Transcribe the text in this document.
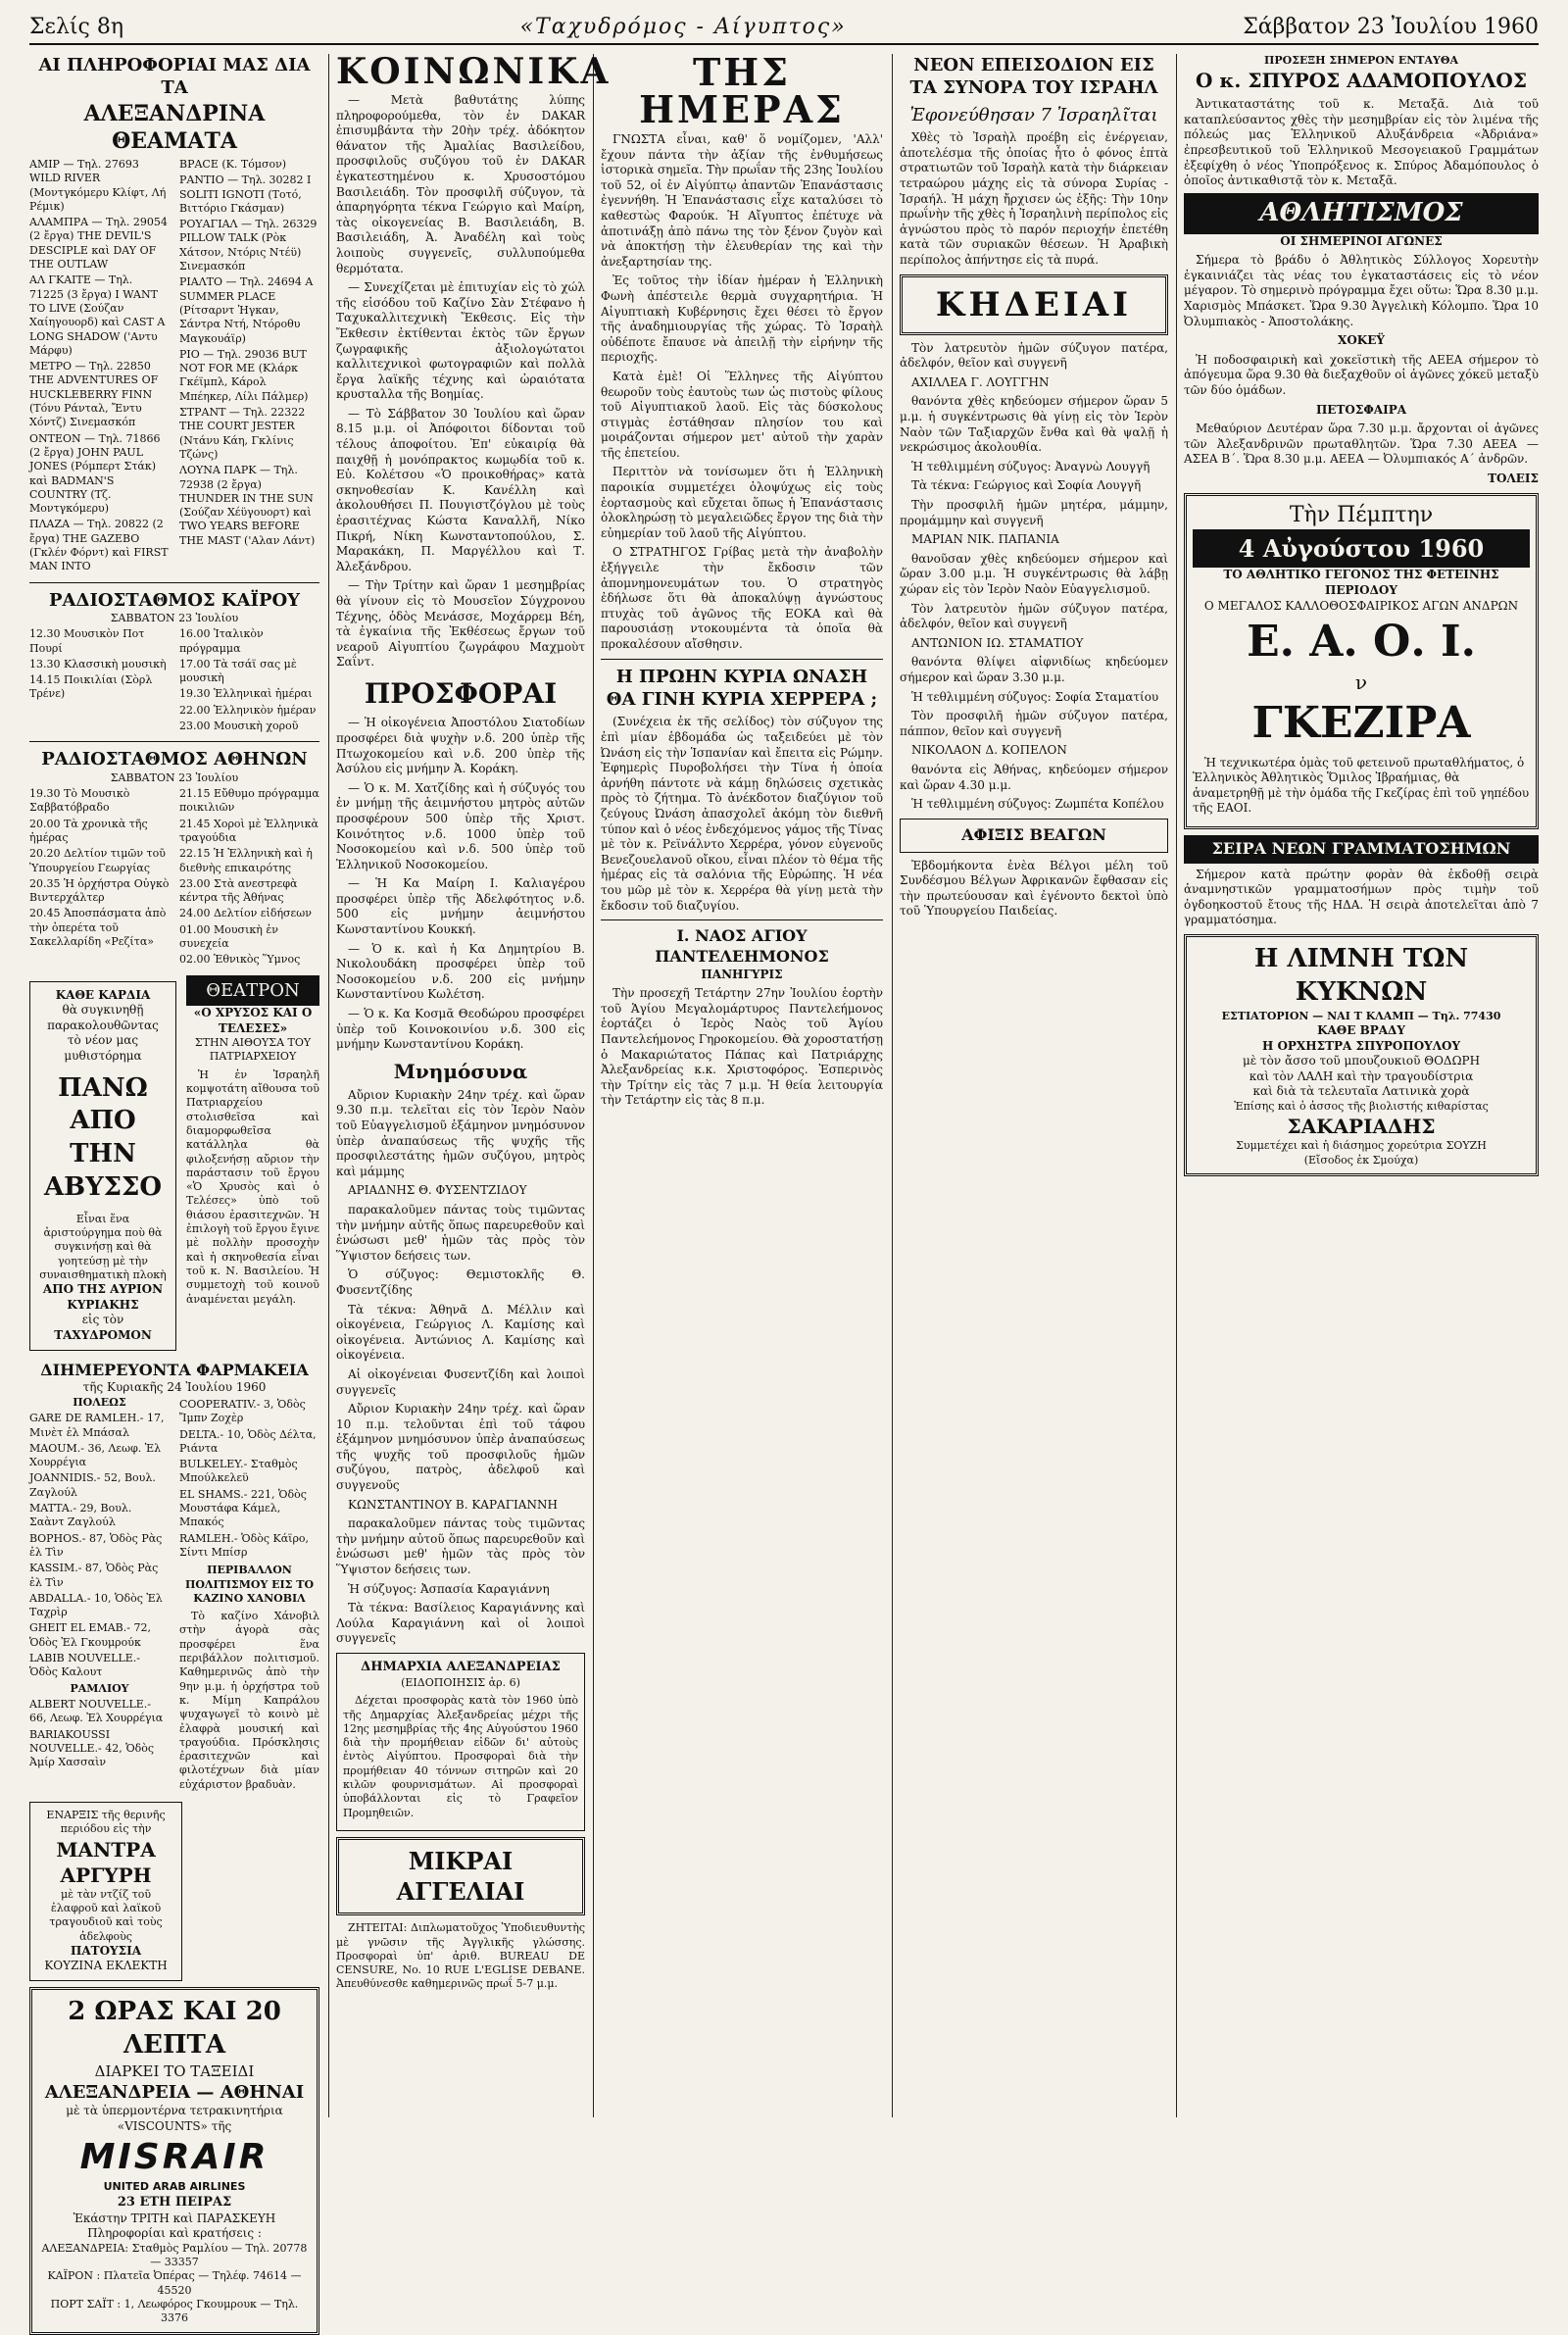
Σελίς 8η	«Ταχυδρόμος - Αίγυπτος»	Σάββατον 23 Ἰουλίου 1960
ΑΙ ΠΛΗΡΟΦΟΡΙΑΙ ΜΑΣ ΔΙΑ ΤΑ
ΑΛΕΞΑΝΔΡΙΝΑ ΘΕΑΜΑΤΑ
ΑΜΙΡ — Τηλ. 27693 WILD RIVER (Μοντγκόμερυ Κλίφτ, Λή Ρέμικ)
ΑΛΑΜΠΡΑ — Τηλ. 29054 (2 ἔργα) THE DEVIL'S DESCIPLE καὶ DAY OF THE OUTLAW
ΑΛ ΓΚΑΙΤΕ — Τηλ. 71225 (3 ἔργα) I WANT TO LIVE (Σούζαν Χαίηγουορδ) καὶ CAST A LONG SHADOW ('Αντυ Μάρφυ)
ΜΕΤΡΟ — Τηλ. 22850 THE ADVENTURES OF HUCKLEBERRY FINN (Τόνυ Ράνταλ, Ἔντυ Χόντζ) Σινεμασκόπ
ΟΝΤΕΟΝ — Τηλ. 71866 (2 ἔργα) JOHN PAUL JONES (Ρόμπερτ Στάκ) καὶ BADMAN'S COUNTRY (Τζ. Μοντγκόμερυ)
ΠΛΑΖΑ — Τηλ. 20822 (2 ἔργα) THE GAZEBO (Γκλέν Φόρντ) καὶ FIRST MAN INTO
ΒΡΑCΕ (Κ. Τόμσον)
ΡΑΝΤΙΟ — Τηλ. 30282 I SOLITI IGNOTI (Τοτό, Βιττόριο Γκάσμαν)
ΡΟΥΑΓΙΑΛ — Τηλ. 26329 PILLOW TALK (Ρὸκ Χάτσον, Ντόρις Ντέϋ) Σινεμασκόπ
ΡΙΑΛΤΟ — Τηλ. 24694 A SUMMER PLACE (Ρίτσαρντ Ἠγκαν, Σάντρα Ντή, Ντόροθυ Μαγκουάϊρ)
ΡΙΟ — Τηλ. 29036 BUT NOT FOR ME (Κλάρκ Γκέϊμπλ, Κάρολ Μπέηκερ, Λίλι Πάλμερ)
ΣΤΡΑΝΤ — Τηλ. 22322 THE COURT JESTER (Ντάνυ Κάη, Γκλίνις Τζώνς)
ΛΟΥΝΑ ΠΑΡΚ — Τηλ. 72938 (2 ἔργα) THUNDER IN THE SUN (Σούζαν Χέϋγουορτ) καὶ TWO YEARS BEFORE THE MAST ('Αλαν Λάντ)
ΡΑΔΙΟΣΤΑΘΜΟΣ ΚΑΪΡΟΥ
ΣΑΒΒΑΤΟΝ 23 Ἰουλίου
12.30 Μουσικὸν Ποτ Πουρί
13.30 Κλασσικὴ μουσικὴ
14.15 Ποικιλίαι (Σὸρλ Τρένε)
16.00 Ἰταλικὸν πρόγραμμα
17.00 Τὰ τσάϊ σας μὲ μουσικὴ
19.30 Ἑλληνικαὶ ἡμέραι
22.00 Ἑλληνικὸν ἡμέραν
23.00 Μουσικὴ χοροῦ
ΡΑΔΙΟΣΤΑΘΜΟΣ ΑΘΗΝΩΝ
ΣΑΒΒΑΤΟΝ 23 Ἰουλίου
19.30 Τὸ Μουσικὸ Σαββατόβραδο
20.00 Τὰ χρονικὰ τῆς ἡμέρας
20.20 Δελτίον τιμῶν τοῦ Ὑπουργείου Γεωργίας
20.35 Ἡ ὀρχήστρα Οὐγκὸ Βιντερχάλτερ
20.45 Ἀποσπάσματα ἀπὸ τὴν ὀπερέτα τοῦ Σακελλαρίδη «Ρεζίτα»
21.15 Εὔθυμο πρόγραμμα ποικιλιῶν
21.45 Χοροὶ μὲ Ἑλληνικὰ τραγούδια
22.15 Ἡ Ἑλληνικὴ καὶ ἡ διεθνὴς επικαιρότης
23.00 Στὰ ανεστρεφὰ κέντρα τῆς Ἀθήνας
24.00 Δελτίον εἰδήσεων
01.00 Μουσικὴ ἐν συνεχεία
02.00 Ἐθνικὸς Ὕμνος
ΚΑΘΕ ΚΑΡΔΙΑ
θὰ συγκινηθῇ παρακολουθῶντας
τὸ νέον μας μυθιστόρημα
ΠΑΝΩ ΑΠΟ ΤΗΝ ΑΒΥΣΣΟ
Εἶναι ἕνα ἀριστούργημα ποὺ θὰ συγκινήσῃ καὶ θὰ γοητεύσῃ μὲ τὴν συναισθηματικὴ πλοκὴ
ΑΠΟ ΤΗΣ ΑΥΡΙΟΝ ΚΥΡΙΑΚΗΣ
εἰς τὸν
ΤΑΧΥΔΡΟΜΟΝ
ΘΕΑΤΡΟΝ
«Ο ΧΡΥΣΟΣ ΚΑΙ Ο ΤΕΛΕΣΕΣ»
ΣΤΗΝ ΑΙΘΟΥΣΑ ΤΟΥ ΠΑΤΡΙΑΡΧΕΙΟΥ
Ἡ ἐν Ἰσραηλῆ κομψοτάτη αἴθουσα τοῦ Πατριαρχείου στολισθεῖσα καὶ διαμορφωθεῖσα κατάλληλα θὰ φιλοξενήσῃ αὔριον τὴν παράστασιν τοῦ ἔργου «Ὁ Χρυσὸς καὶ ὁ Τελέσες» ὑπὸ τοῦ θιάσου ἐρασιτεχνῶν. Ἡ ἐπιλογὴ τοῦ ἔργου ἔγινε μὲ πολλὴν προσοχὴν καὶ ἡ σκηνοθεσία εἶναι τοῦ κ. Ν. Βασιλείου. Ἡ συμμετοχὴ τοῦ κοινοῦ ἀναμένεται μεγάλη.
ΔΙΗΜΕΡΕΥΟΝΤΑ ΦΑΡΜΑΚΕΙΑ
τῆς Κυριακῆς 24 Ἰουλίου 1960
ΠΟΛΕΩΣ
GARE DE RAMLEH.- 17, Μινὲτ ἐλ Μπάσαλ
ΜΑΟUM.- 36, Λεωφ. Ἐλ Χουρρέγια
JOANNIDIS.- 52, Βουλ. Ζαγλούλ
MATTA.- 29, Βουλ. Σαὰντ Ζαγλούλ
ΒΟΡΗΟS.- 87, Ὁδὸς Ρὰς ἐλ Τὶν
KASSIM.- 87, Ὁδὸς Ρὰς ἐλ Τὶν
ABDALLA.- 10, Ὁδὸς Ἐλ Ταχρὶρ
GHEIT EL EMAB.- 72, Ὁδὸς Ἐλ Γκουμρούκ
LABIB NOUVELLE.- Ὁδὸς Καλουτ
ΡΑΜΛΙΟΥ
ALBERT NOUVELLE.- 66, Λεωφ. Ἐλ Χουρρέγια
BARIAKOUSSI NOUVELLE.- 42, Ὁδὸς Ἀμίρ Χασσαὶν
COOPERATIV.- 3, Ὁδὸς Ἴμπν Ζοχὲρ
DELTA.- 10, Ὁδὸς Δέλτα, Ριάντα
BULKELEY.- Σταθμὸς Μπούλκελεϋ
EL SHAMS.- 221, Ὁδὸς Μουστάφα Κάμελ, Μπακός
RAMLEH.- Ὁδὸς Κάϊρο, Σίντι Μπίσρ
ΠΕΡΙΒΑΛΛΟΝ ΠΟΛΙΤΙΣΜΟΥ ΕΙΣ ΤΟ ΚΑΖΙΝΟ ΧΑΝΟΒΙΛ
Τὸ καζίνο Χάνοβιλ στὴν ἀγορὰ σὰς προσφέρει ἕνα περιβάλλον πολιτισμοῦ. Καθημερινῶς ἀπὸ τὴν 9ην μ.μ. ἡ ὀρχήστρα τοῦ κ. Μίμη Καπράλου ψυχαγωγεῖ τὸ κοινὸ μὲ ἐλαφρὰ μουσική καὶ τραγούδια. Πρόσκλησις ἐρασιτεχνῶν καὶ φιλοτέχνων διὰ μίαν εὐχάριστον βραδυὰν.
ΕΝΑΡΞΙΣ τῆς θερινῆς περιόδου εἰς τὴν
ΜΑΝΤΡΑ ΑΡΓΥΡΗ
μὲ τὰν ντζίζ τοῦ ἐλαφροῦ καὶ λαϊκοῦ τραγουδιοῦ καὶ τοὺς ἀδελφοὺς
ΠΑΤΟΥΣΙΑ
ΚΟΥΖΙΝΑ ΕΚΛΕΚΤΗ
2 ΩΡΑΣ ΚΑΙ 20 ΛΕΠΤΑ
ΔΙΑΡΚΕΙ ΤΟ ΤΑΞΕΙΔΙ
ΑΛΕΞΑΝΔΡΕΙΑ — ΑΘΗΝΑΙ
μὲ τὰ ὑπερμοντέρνα τετρακινητήρια «VISCOUNTS» τῆς
MISRAIR
UNITED ARAB AIRLINES
23 ΕΤΗ ΠΕΙΡΑΣ
Ἑκάστην ΤΡΙΤΗ καὶ ΠΑΡΑΣΚΕΥΗ
Πληροφορίαι καὶ κρατήσεις :
ΑΛΕΞΑΝΔΡΕΙΑ: Σταθμὸς Ραμλίου — Τηλ. 20778 — 33357
ΚΑΪΡΟΝ : Πλατεῖα Ὀπέρας — Τηλέφ. 74614 — 45520
ΠΟΡΤ ΣΑΪΤ : 1, Λεωφόρος Γκουμρουκ — Τηλ. 3376
ΚΟΙΝΩΝΙΚΑ
— Μετὰ βαθυτάτης λύπης πληροφορούμεθα, τὸν ἐν DAKAR ἐπισυμβάντα τὴν 20ὴν τρέχ. ἀδόκητον θάνατον τῆς Ἀμαλίας Βασιλείδου, προσφιλοῦς συζύγου τοῦ ἐν DAKAR ἐγκατεστημένου κ. Χρυσοστόμου Βασιλειάδη. Τὸν προσφιλῆ σύζυγον, τὰ ἀπαρηγόρητα τέκνα Γεώργιο καὶ Μαίρη, τὰς οἰκογενείας Β. Βασιλειάδη, Β. Βασιλειάδη, Ἀ. Ἀναδέλη καὶ τοὺς λοιποὺς συγγενεῖς, συλλυπούμεθα θερμότατα.
— Συνεχίζεται μὲ ἐπιτυχίαν εἰς τὸ χώλ τῆς εἰσόδου τοῦ Καζίνο Σὰν Στέφανο ἡ Ταχυκαλλιτεχνικὴ Ἔκθεσις. Εἰς τὴν Ἔκθεσιν ἐκτίθενται ἐκτὸς τῶν ἔργων ζωγραφικῆς ἀξιολογώτατοι καλλιτεχνικοὶ φωτογραφιῶν καὶ πολλὰ ἔργα λαϊκῆς τέχνης καὶ ὡραιότατα κρυσταλλα τῆς Βοημίας.
— Τὸ Σάββατον 30 Ἰουλίου καὶ ὥραν 8.15 μ.μ. οἱ Ἀπόφοιτοι δίδονται τοῦ τέλους ἀποφοίτου. Ἐπ' εὐκαιρίᾳ θὰ παιχθῇ ἡ μονόπρακτος κωμῳδία τοῦ κ. Εὐ. Κολέτσου «Ὁ προικοθήρας» κατὰ σκηνοθεσίαν Κ. Κανέλλη καὶ ἀκολουθήσει Π. Πουγιστζόγλου μὲ τοὺς ἐρασιτέχνας Κώστα Καναλλῆ, Νίκο Πικρή, Νίκη Κωνσταντοπούλου, Σ. Μαρακάκη, Π. Μαργέλλου καὶ Τ. Ἀλεξάνδρου.
— Τὴν Τρίτην καὶ ὥραν 1 μεσημβρίας θὰ γίνουν εἰς τὸ Μουσεῖον Σύγχρονου Τέχνης, ὁδὸς Μενάσσε, Μοχάρρεμ Βέη, τὰ ἐγκαίνια τῆς Ἐκθέσεως ἔργων τοῦ νεαροῦ Αἰγυπτίου ζωγράφου Μαχμοὺτ Σαΐντ.
ΠΡΟΣΦΟΡΑΙ
— Ἡ οἰκογένεια Ἀποστόλου Σιατοδίων προσφέρει διὰ ψυχὴν ν.δ. 200 ὑπὲρ τῆς Πτωχοκομείου καὶ ν.δ. 200 ὑπὲρ τῆς Ἀσύλου εἰς μνήμην Ἀ. Κοράκη.
— Ὁ κ. Μ. Χατζίδης καὶ ἡ σύζυγός του ἐν μνήμῃ τῆς ἀειμνήστου μητρὸς αὐτῶν προσφέρουν 500 ὑπὲρ τῆς Χριστ. Κοινότητος ν.δ. 1000 ὑπὲρ τοῦ Νοσοκομείου καὶ ν.δ. 500 ὑπὲρ τοῦ Ἑλληνικοῦ Νοσοκομείου.
— Ἡ Κα Μαίρη Ι. Καλιαγέρου προσφέρει ὑπὲρ τῆς Ἀδελφότητος ν.δ. 500 εἰς μνήμην ἀειμνήστου Κωνσταντίνου Κουκκή.
— Ὁ κ. καὶ ἡ Κα Δημητρίου Β. Νικολουδάκη προσφέρει ὑπὲρ τοῦ Νοσοκομείου ν.δ. 200 εἰς μνήμην Κωνσταντίνου Κωλέτση.
— Ὁ κ. Κα Κοσμᾶ Θεοδώρου προσφέρει ὑπὲρ τοῦ Κοινοκοινίου ν.δ. 300 εἰς μνήμην Κωνσταντίνου Κοράκη.
Μνημόσυνα
Αὔριον Κυριακὴν 24ην τρέχ. καὶ ὥραν 9.30 π.μ. τελεῖται εἰς τὸν Ἱερὸν Ναὸν τοῦ Εὐαγγελισμοῦ ἑξάμηνον μνημόσυνον ὑπὲρ ἀναπαύσεως τῆς ψυχῆς τῆς προσφιλεστάτης ἡμῶν συζύγου, μητρὸς καὶ μάμμης
ΑΡΙΑΔΝΗΣ Θ. ΦΥΣΕΝΤΖΙΔΟΥ
παρακαλοῦμεν πάντας τοὺς τιμῶντας τὴν μνήμην αὐτῆς ὅπως παρευρεθοῦν καὶ ἑνώσωσι μεθ' ἡμῶν τὰς πρὸς τὸν Ὕψιστον δεήσεις των.
Ὁ σύζυγος: Θεμιστοκλῆς Θ. Φυσεντζίδης
Τὰ τέκνα: Ἀθηνᾶ Δ. Μέλλιν καὶ οἰκογένεια, Γεώργιος Λ. Καμίσης καὶ οἰκογένεια. Ἀντώνιος Λ. Καμίσης καὶ οἰκογένεια.
Αἱ οἰκογένειαι Φυσεντζίδη καὶ λοιποὶ συγγενεῖς
Αὔριον Κυριακὴν 24ην τρέχ. καὶ ὥραν 10 π.μ. τελοῦνται ἐπὶ τοῦ τάφου ἐξάμηνον μνημόσυνον ὑπὲρ ἀναπαύσεως τῆς ψυχῆς τοῦ προσφιλοῦς ἡμῶν συζύγου, πατρὸς, ἀδελφοῦ καὶ συγγενοῦς
ΚΩΝΣΤΑΝΤΙΝΟΥ Β. ΚΑΡΑΓΙΑΝΝΗ
παρακαλοῦμεν πάντας τοὺς τιμῶντας τὴν μνήμην αὐτοῦ ὅπως παρευρεθοῦν καὶ ἑνώσωσι μεθ' ἡμῶν τὰς πρὸς τὸν Ὕψιστον δεήσεις των.
Ἡ σύζυγος: Ἀσπασία Καραγιάννη
Τὰ τέκνα: Βασίλειος Καραγιάννης καὶ Λούλα Καραγιάννη καὶ οἱ λοιποὶ συγγενεῖς
ΔΗΜΑΡΧΙΑ ΑΛΕΞΑΝΔΡΕΙΑΣ
(ΕΙΔΟΠΟΙΗΣΙΣ ἀρ. 6)
Δέχεται προσφορὰς κατὰ τὸν 1960 ὑπὸ τῆς Δημαρχίας Ἀλεξανδρείας μέχρι τῆς 12ης μεσημβρίας τῆς 4ης Αὐγούστου 1960 διὰ τὴν προμήθειαν εἰδῶν δι' αὐτοὺς ἐντὸς Αἰγύπτου. Προσφοραὶ διὰ τὴν προμήθειαν 40 τόννων σιτηρῶν καὶ 20 κιλῶν φουρνισμάτων. Αἱ προσφοραὶ ὑποβάλλονται εἰς τὸ Γραφεῖον Προμηθειῶν.
ΜΙΚΡΑΙ ΑΓΓΕΛΙΑΙ
ΖΗΤΕΙΤΑΙ: Διπλωματοῦχος Ὑποδιευθυντὴς μὲ γνῶσιν τῆς Ἀγγλικῆς γλώσσης. Προσφοραὶ ὑπ' ἀριθ. BUREAU DE CENSURE, No. 10 RUE L'EGLISE DEBANE. Ἀπευθύνεσθε καθημερινῶς πρωΐ 5-7 μ.μ.
ΤΗΣ ΗΜΕΡΑΣ
ΓΝΩΣΤΑ εἶναι, καθ' ὅ νομίζομεν, 'Αλλ' ἔχουν πάντα τὴν ἀξίαν τῆς ἐνθυμήσεως ἱστορικὰ σημεῖα. Τὴν πρωΐαν τῆς 23ης Ἰουλίου τοῦ 52, οἱ ἐν Αἰγύπτῳ ἀπαντῶν Ἐπανάστασις ἐγεννήθη. Ἡ Ἐπανάστασις εἶχε καταλύσει τὸ καθεστὼς Φαρούκ. Ἡ Αἴγυπτος ἐπέτυχε νὰ ἀποτινάξῃ ἀπὸ πάνω της τὸν ξένον ζυγὸν καὶ νὰ ἀποκτήσῃ τὴν ἐλευθερίαν της καὶ τὴν ἀνεξαρτησίαν της.
Ἐς τοῦτος τὴν ἰδίαν ἡμέραν ἡ Ἑλληνικὴ Φωνὴ ἀπέστειλε θερμὰ συγχαρητήρια. Ἡ Αἰγυπτιακὴ Κυβέρνησις ἔχει θέσει τὸ ἔργον τῆς ἀναδημιουργίας τῆς χώρας. Τὸ Ἰσραὴλ οὐδέποτε ἔπαυσε νὰ ἀπειλῇ τὴν εἰρήνην τῆς περιοχῆς.
Κατὰ ἐμὲ! Οἱ Ἕλληνες τῆς Αἰγύπτου θεωροῦν τοὺς ἑαυτοὺς των ὡς πιστοὺς φίλους τοῦ Αἰγυπτιακοῦ λαοῦ. Εἰς τὰς δύσκολους στιγμὰς ἐστάθησαν πλησίον του καὶ μοιράζονται σήμερον μετ' αὐτοῦ τὴν χαρὰν τῆς ἐπετείου.
Περιττὸν νὰ τονίσωμεν ὅτι ἡ Ἑλληνικὴ παροικία συμμετέχει ὁλοψύχως εἰς τοὺς ἑορτασμοὺς καὶ εὔχεται ὅπως ἡ Ἐπανάστασις ὁλοκληρώσῃ τὸ μεγαλειῶδες ἔργον της διὰ τὴν εὐημερίαν τοῦ λαοῦ τῆς Αἰγύπτου.
Ο ΣΤΡΑΤΗΓΟΣ Γρίβας μετὰ τὴν ἀναβολὴν ἐξήγγειλε τὴν ἔκδοσιν τῶν ἀπομνημονευμάτων του. Ὁ στρατηγὸς ἐδήλωσε ὅτι θὰ ἀποκαλύψῃ ἀγνώστους πτυχὰς τοῦ ἀγῶνος τῆς ΕΟΚΑ καὶ θὰ παρουσιάσῃ ντοκουμέντα τὰ ὁποῖα θὰ προκαλέσουν αἴσθησιν.
Η ΠΡΩΗΝ ΚΥΡΙΑ ΩΝΑΣΗ ΘΑ ΓΙΝΗ ΚΥΡΙΑ ΧΕΡΡΕΡΑ ;
(Συνέχεια ἐκ τῆς σελίδος) τὸν σύζυγον της ἐπὶ μίαν ἑβδομάδα ὡς ταξειδεύει μὲ τὸν Ὠνάση εἰς τὴν Ἱσπανίαν καὶ ἔπειτα εἰς Ρώμην. Ἐφημερὶς Πυροβολήσει τὴν Τίνα ἡ ὁποία ἀρνήθη πάντοτε νὰ κάμῃ δηλώσεις σχετικὰς πρὸς τὸ ζήτημα. Τὸ ἀνέκδοτον διαζύγιον τοῦ ζεύγους Ὠνάση ἀπασχολεῖ ἀκόμη τὸν διεθνῆ τύπον καὶ ὁ νέος ἐνδεχόμενος γάμος τῆς Τίνας μὲ τὸν κ. Ρεϊνάλντο Χερρέρα, γόνον εὐγενοῦς Βενεζουελανοῦ οἴκου, εἶναι πλέον τὸ θέμα τῆς ἡμέρας εἰς τὰ σαλόνια τῆς Εὐρώπης. Ἡ νέα του μῶρ μὲ τὸν κ. Χερρέρα θὰ γίνῃ μετὰ τὴν ἔκδοσιν τοῦ διαζυγίου.
Ι. ΝΑΟΣ ΑΓΙΟΥ ΠΑΝΤΕΛΕΗΜΟΝΟΣ
ΠΑΝΗΓΥΡΙΣ
Τὴν προσεχῆ Τετάρτην 27ην Ἰουλίου ἑορτὴν τοῦ Ἁγίου Μεγαλομάρτυρος Παντελεήμονος ἑορτάζει ὁ Ἱερὸς Ναὸς τοῦ Ἁγίου Παντελεήμονος Γηροκομείου. Θὰ χοροστατήσῃ ὁ Μακαριώτατος Πάπας καὶ Πατριάρχης Ἀλεξανδρείας κ.κ. Χριστοφόρος. Ἐσπερινὸς τὴν Τρίτην εἰς τὰς 7 μ.μ. Ἡ θεία λειτουργία τὴν Τετάρτην εἰς τὰς 8 π.μ.
ΝΕΟΝ ΕΠΕΙΣΟΔΙΟΝ ΕΙΣ ΤΑ ΣΥΝΟΡΑ ΤΟΥ ΙΣΡΑΗΛ
Ἐφονεύθησαν 7 Ἰσραηλῖται
Χθὲς τὸ Ἰσραὴλ προέβη εἰς ἐνέργειαν, ἀποτελέσμα τῆς ὁποίας ἦτο ὁ φόνος ἑπτὰ στρατιωτῶν τοῦ Ἰσραὴλ κατὰ τὴν διάρκειαν τετραώρου μάχης εἰς τὰ σύνορα Συρίας - Ἰσραήλ. Ἡ μάχη ἤρχισεν ὡς ἑξῆς: Τὴν 10ην πρωΐνὴν τῆς χθὲς ἡ Ἰσραηλινὴ περίπολος εἰς ἀγνώστου πρὸς τὸ παρόν περιοχήν ἐπετέθη κατὰ τῶν συριακῶν θέσεων. Ἡ Ἀραβικὴ περίπολος ἀπήντησε εἰς τὰ πυρά.
ΚΗΔΕΙΑΙ
Τὸν λατρευτὸν ἡμῶν σύζυγον πατέρα, ἀδελφόν, θεῖον καὶ συγγενῆ
ΑΧΙΛΛΕΑ Γ. ΛΟΥΓΓΗΝ
θανόντα χθὲς κηδεύομεν σήμερον ὥραν 5 μ.μ. ἡ συγκέντρωσις θὰ γίνῃ εἰς τὸν Ἱερὸν Ναὸν τῶν Ταξιαρχῶν ἔνθα καὶ θὰ ψαλῇ ἡ νεκρώσιμος ἀκολουθία.
Ἡ τεθλιμμένη σύζυγος: Ἀναγνὼ Λουγγῆ
Τὰ τέκνα: Γεώργιος καὶ Σοφία Λουγγῆ
Τὴν προσφιλῆ ἡμῶν μητέρα, μάμμην, προμάμμην καὶ συγγενῆ
ΜΑΡΙΑΝ ΝΙΚ. ΠΑΠΑΝΙΑ
θανοῦσαν χθὲς κηδεύομεν σήμερον καὶ ὥραν 3.00 μ.μ. Ἡ συγκέντρωσις θὰ λάβῃ χώραν εἰς τὸν Ἱερὸν Ναὸν Εὐαγγελισμοῦ.
Τὸν λατρευτὸν ἡμῶν σύζυγον πατέρα, ἀδελφόν, θεῖον καὶ συγγενῆ
ΑΝΤΩΝΙΟΝ ΙΩ. ΣΤΑΜΑΤΙΟΥ
θανόντα θλίψει αἰφνιδίως κηδεύομεν σήμερον καὶ ὥραν 3.30 μ.μ.
Ἡ τεθλιμμένη σύζυγος: Σοφία Σταματίου
Τὸν προσφιλῆ ἡμῶν σύζυγον πατέρα, πάππον, θεῖον καὶ συγγενῆ
ΝΙΚΟΛΑΟΝ Δ. ΚΟΠΕΛΟΝ
θανόντα εἰς Ἀθήνας, κηδεύομεν σήμερον καὶ ὥραν 4.30 μ.μ.
Ἡ τεθλιμμένη σύζυγος: Ζωμπέτα Κοπέλου
ΑΦΙΞΙΣ ΒΕΑΓΩΝ
Ἐβδομήκοντα ἑνὲα Βέλγοι μέλη τοῦ Συνδέσμου Βέλγων Ἀφρικανῶν ἔφθασαν εἰς τὴν πρωτεύουσαν καὶ ἐγένοντο δεκτοὶ ὑπὸ τοῦ Ὑπουργείου Παιδείας.
ΠΡΟΣΕΞΗ ΣΗΜΕΡΟΝ ΕΝΤΑΥΘΑ
Ο κ. ΣΠΥΡΟΣ ΑΔΑΜΟΠΟΥΛΟΣ
Ἀντικαταστάτης τοῦ κ. Μεταξᾶ. Διὰ τοῦ καταπλεύσαντος χθὲς τὴν μεσημβρίαν εἰς τὸν λιμένα τῆς πόλεώς μας Ἑλληνικοῦ Αλυξάνδρεια «Ἀδριάνα» ἐπρεσβευτικοῦ τοῦ Ἑλληνικοῦ Μεσογειακοῦ Γραμμάτων ἐξεφίχθη ὁ νέος Ὑποπρόξενος κ. Σπύρος Ἀδαμόπουλος ὁ ὁποῖος ἀντικαθιστᾷ τὸν κ. Μεταξᾶ.
ΑΘΛΗΤΙΣΜΟΣ
ΟΙ ΣΗΜΕΡΙΝΟΙ ΑΓΩΝΕΣ
Σήμερα τὸ βράδυ ὁ Ἀθλητικὸς Σύλλογος Χορευτὴν ἐγκαινιάζει τὰς νέας του ἐγκαταστάσεις εἰς τὸ νέον μέγαρον. Τὸ σημερινὸ πρόγραμμα ἔχει οὕτω: Ὥρα 8.30 μ.μ. Χαρισμὸς Μπάσκετ. Ὥρα 9.30 Ἀγγελικὴ Κόλομπο. Ὥρα 10 Ὀλυμπιακὸς - Ἀποστολάκης.
ΧΟΚΕΫ
Ἡ ποδοσφαιρικὴ καὶ χοκεϊστικὴ τῆς ΑΕΕΑ σήμερον τὸ ἀπόγευμα ὥρα 9.30 θὰ διεξαχθοῦν οἱ ἀγῶνες χόκεϋ μεταξὺ τῶν δύο ὁμάδων.
ΠΕΤΟΣΦΑΙΡΑ
Μεθαύριον Δευτέραν ὥρα 7.30 μ.μ. ἄρχονται οἱ ἀγῶνες τῶν Ἀλεξανδρινῶν πρωταθλητῶν. Ὥρα 7.30 ΑΕΕΑ — ΑΣΕΑ Β΄. Ὥρα 8.30 μ.μ. ΑΕΕΑ — Ὀλυμπιακός Α΄ ἀνδρῶν.
ΤΟΛΕΙΣ
Τὴν Πέμπτην
4 Αὐγούστου 1960
ΤΟ ΑΘΛΗΤΙΚΟ ΓΕΓΟΝΟΣ ΤΗΣ ΦΕΤΕΙΝΗΣ ΠΕΡΙΟΔΟΥ
Ο ΜΕΓΑΛΟΣ ΚΑΛΛΟΘΟΣΦΑΙΡΙΚΟΣ ΑΓΩΝ ΑΝΔΡΩΝ
Ε. Α. Ο. Ι.
ν
ΓΚΕΖΙΡΑ
Ἡ τεχνικωτέρα ὁμὰς τοῦ φετεινοῦ πρωταθλήματος, ὁ Ἑλληνικὸς Ἀθλητικὸς Ὅμιλος Ἰβραήμιας, θὰ ἀναμετρηθῇ μὲ τὴν ὁμάδα τῆς Γκεζίρας ἐπὶ τοῦ γηπέδου τῆς ΕΑΟΙ.
ΣΕΙΡΑ ΝΕΩΝ ΓΡΑΜΜΑΤΟΣΗΜΩΝ
Σήμερον κατὰ πρώτην φορὰν θὰ ἐκδοθῇ σειρὰ ἀναμνηστικῶν γραμματοσήμων πρὸς τιμὴν τοῦ ὀγδοηκοστοῦ ἔτους τῆς ΗΔΑ. Ἡ σειρὰ ἀποτελεῖται ἀπὸ 7 γραμματόσημα.
Η ΛΙΜΝΗ ΤΩΝ ΚΥΚΝΩΝ
ΕΣΤΙΑΤΟΡΙΟΝ — ΝΑΙ Τ ΚΛΑΜΠ — Τηλ. 77430
ΚΑΘΕ ΒΡΑΔΥ
Η ΟΡΧΗΣΤΡΑ ΣΠΥΡΟΠΟΥΛΟΥ
μὲ τὸν ἄσσο τοῦ μπουζουκιοῦ ΘΟΔΩΡΗ
καὶ τὸν ΛΑΛΗ καὶ τὴν τραγουδίστρια
καὶ διὰ τὰ τελευταῖα Λατινικὰ χορὰ
Ἐπίσης καὶ ὁ ἀσσος τῆς βιολιστής κιθαρίστας
ΣΑΚΑΡΙΑΔΗΣ
Συμμετέχει καὶ ἡ διάσημος χορεύτρια ΣΟΥΖΗ
(Εἴσοδος ἐκ Σμούχα)
